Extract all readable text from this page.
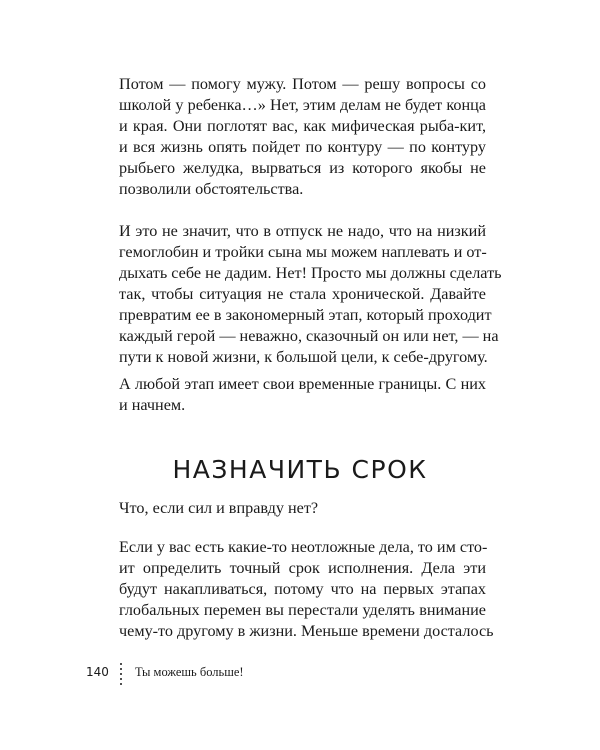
Потом — помогу мужу. Потом — решу вопросы со
школой у ребенка…» Нет, этим делам не будет конца
и края. Они поглотят вас, как мифическая рыба-кит,
и вся жизнь опять пойдет по контуру — по контуру
рыбьего желудка, вырваться из которого якобы не
позволили обстоятельства.
И это не значит, что в отпуск не надо, что на низкий
гемоглобин и тройки сына мы можем наплевать и от-
дыхать себе не дадим. Нет! Просто мы должны сделать
так, чтобы ситуация не стала хронической. Давайте
превратим ее в закономерный этап, который проходит
каждый герой — неважно, сказочный он или нет, — на
пути к новой жизни, к большой цели, к себе-другому.
А любой этап имеет свои временные границы. С них
и начнем.
НАЗНАЧИТЬ СРОК
Что, если сил и вправду нет?
Если у вас есть какие-то неотложные дела, то им сто-
ит определить точный срок исполнения. Дела эти
будут накапливаться, потому что на первых этапах
глобальных перемен вы перестали уделять внимание
чему-то другому в жизни. Меньше времени досталось
140 Ты можешь больше!
